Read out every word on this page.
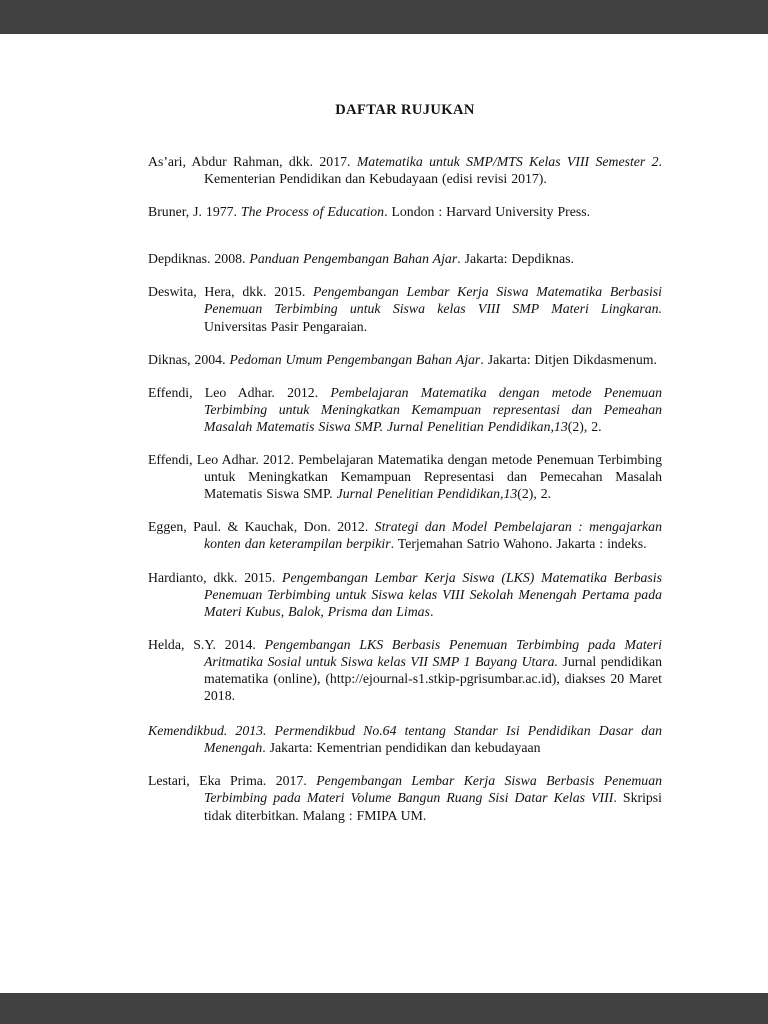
DAFTAR RUJUKAN

As’ari, Abdur Rahman, dkk. 2017. Matematika untuk SMP/MTS Kelas VIII Semester 2. Kementerian Pendidikan dan Kebudayaan (edisi revisi 2017).

Bruner, J. 1977. The Process of Education. London : Harvard University Press.

Depdiknas. 2008. Panduan Pengembangan Bahan Ajar. Jakarta: Depdiknas.

Deswita, Hera, dkk. 2015. Pengembangan Lembar Kerja Siswa Matematika Berbasisi Penemuan Terbimbing untuk Siswa kelas VIII SMP Materi Lingkaran. Universitas Pasir Pengaraian.

Diknas, 2004. Pedoman Umum Pengembangan Bahan Ajar. Jakarta: Ditjen Dikdasmenum.

Effendi, Leo Adhar. 2012. Pembelajaran Matematika dengan metode Penemuan Terbimbing untuk Meningkatkan Kemampuan representasi dan Pemeahan Masalah Matematis Siswa SMP. Jurnal Penelitian Pendidikan,13(2), 2.

Effendi, Leo Adhar. 2012. Pembelajaran Matematika dengan metode Penemuan Terbimbing untuk Meningkatkan Kemampuan Representasi dan Pemecahan Masalah Matematis Siswa SMP. Jurnal Penelitian Pendidikan,13(2), 2.

Eggen, Paul. & Kauchak, Don. 2012. Strategi dan Model Pembelajaran : mengajarkan konten dan keterampilan berpikir. Terjemahan Satrio Wahono. Jakarta : indeks.

Hardianto, dkk. 2015. Pengembangan Lembar Kerja Siswa (LKS) Matematika Berbasis Penemuan Terbimbing untuk Siswa kelas VIII Sekolah Menengah Pertama pada Materi Kubus, Balok, Prisma dan Limas.

Helda, S.Y. 2014. Pengembangan LKS Berbasis Penemuan Terbimbing pada Materi Aritmatika Sosial untuk Siswa kelas VII SMP 1 Bayang Utara. Jurnal pendidikan matematika (online), (http://ejournal-s1.stkip-pgrisumbar.ac.id), diakses 20 Maret 2018.

Kemendikbud. 2013. Permendikbud No.64 tentang Standar Isi Pendidikan Dasar dan Menengah. Jakarta: Kementrian pendidikan dan kebudayaan

Lestari, Eka Prima. 2017. Pengembangan Lembar Kerja Siswa Berbasis Penemuan Terbimbing pada Materi Volume Bangun Ruang Sisi Datar Kelas VIII. Skripsi tidak diterbitkan. Malang : FMIPA UM.
